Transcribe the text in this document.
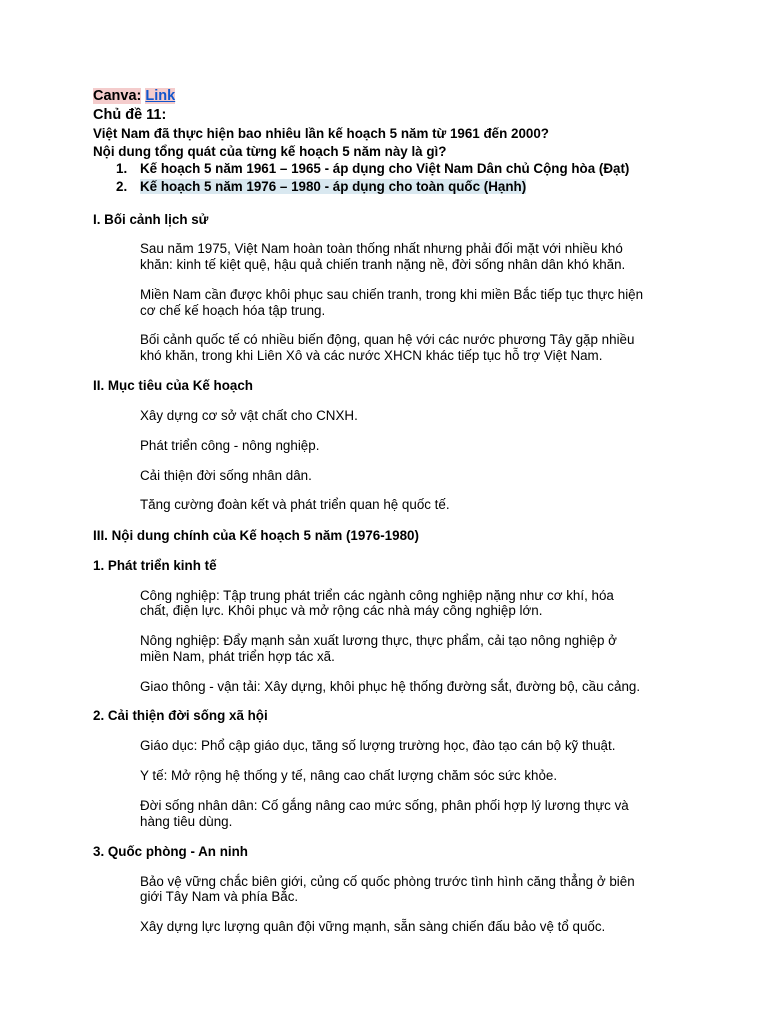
Canva: Link
Chủ đề 11:
Việt Nam đã thực hiện bao nhiêu lần kế hoạch 5 năm từ 1961 đến 2000?
Nội dung tổng quát của từng kế hoạch 5 năm này là gì?
1. Kế hoạch 5 năm 1961 – 1965 - áp dụng cho Việt Nam Dân chủ Cộng hòa (Đạt)
2. Kế hoạch 5 năm 1976 – 1980 - áp dụng cho toàn quốc (Hạnh)
I. Bối cảnh lịch sử
Sau năm 1975, Việt Nam hoàn toàn thống nhất nhưng phải đối mặt với nhiều khó
khăn: kinh tế kiệt quệ, hậu quả chiến tranh nặng nề, đời sống nhân dân khó khăn.
Miền Nam cần được khôi phục sau chiến tranh, trong khi miền Bắc tiếp tục thực hiện
cơ chế kế hoạch hóa tập trung.
Bối cảnh quốc tế có nhiều biến động, quan hệ với các nước phương Tây gặp nhiều
khó khăn, trong khi Liên Xô và các nước XHCN khác tiếp tục hỗ trợ Việt Nam.
II. Mục tiêu của Kế hoạch
Xây dựng cơ sở vật chất cho CNXH.
Phát triển công - nông nghiệp.
Cải thiện đời sống nhân dân.
Tăng cường đoàn kết và phát triển quan hệ quốc tế.
III. Nội dung chính của Kế hoạch 5 năm (1976-1980)
1. Phát triển kinh tế
Công nghiệp: Tập trung phát triển các ngành công nghiệp nặng như cơ khí, hóa
chất, điện lực. Khôi phục và mở rộng các nhà máy công nghiệp lớn.
Nông nghiệp: Đẩy mạnh sản xuất lương thực, thực phẩm, cải tạo nông nghiệp ở
miền Nam, phát triển hợp tác xã.
Giao thông - vận tải: Xây dựng, khôi phục hệ thống đường sắt, đường bộ, cầu cảng.
2. Cải thiện đời sống xã hội
Giáo dục: Phổ cập giáo dục, tăng số lượng trường học, đào tạo cán bộ kỹ thuật.
Y tế: Mở rộng hệ thống y tế, nâng cao chất lượng chăm sóc sức khỏe.
Đời sống nhân dân: Cố gắng nâng cao mức sống, phân phối hợp lý lương thực và
hàng tiêu dùng.
3. Quốc phòng - An ninh
Bảo vệ vững chắc biên giới, củng cố quốc phòng trước tình hình căng thẳng ở biên
giới Tây Nam và phía Bắc.
Xây dựng lực lượng quân đội vững mạnh, sẵn sàng chiến đấu bảo vệ tổ quốc.
